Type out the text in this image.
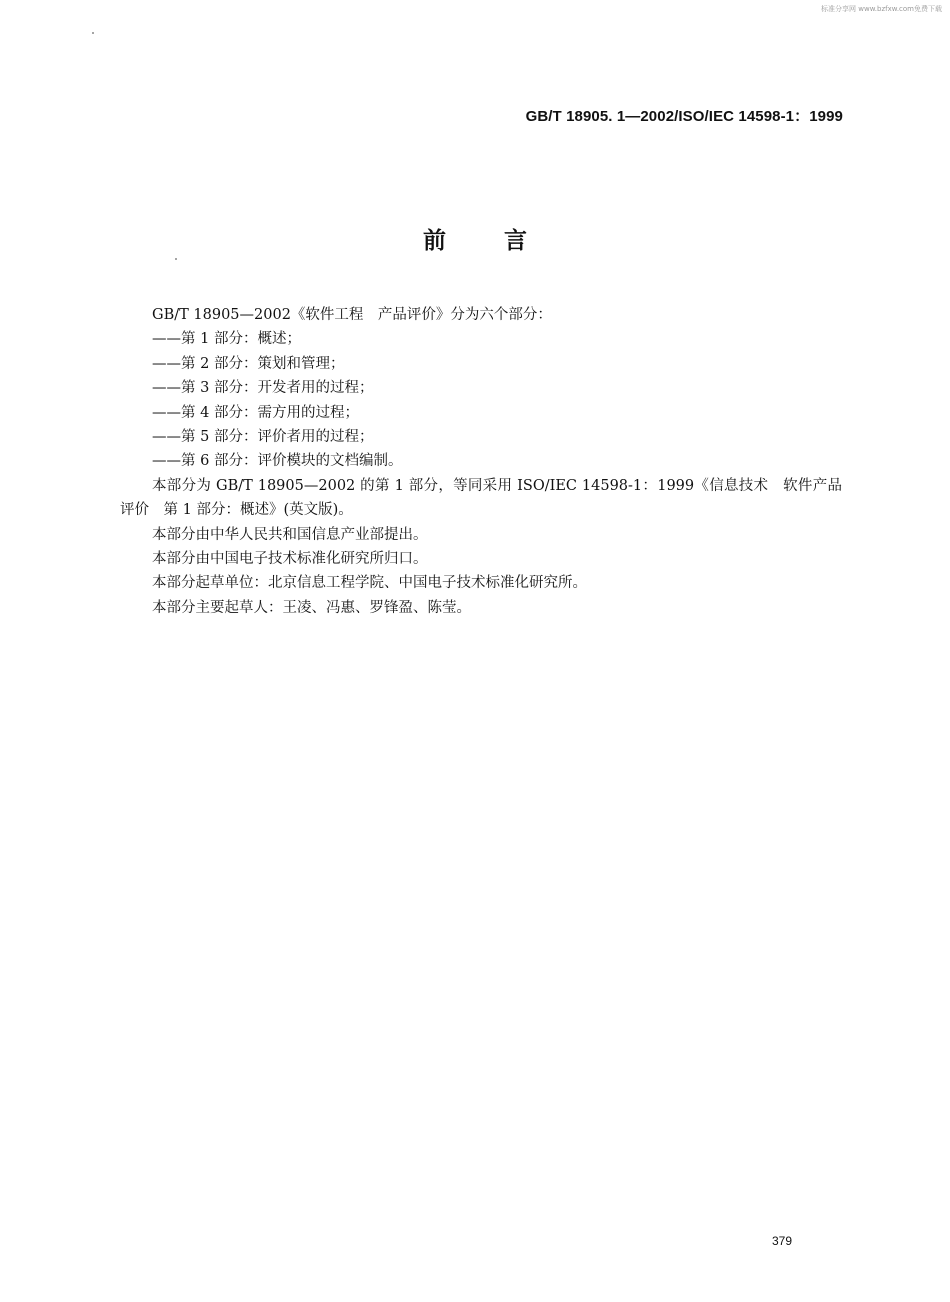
标准分享网 www.bzfxw.com免费下载
GB/T 18905. 1—2002/ISO/IEC 14598-1：1999
前言

GB/T 18905—2002《软件工程　产品评价》分为六个部分：

——第 1 部分：概述；

——第 2 部分：策划和管理；

——第 3 部分：开发者用的过程；

——第 4 部分：需方用的过程；

——第 5 部分：评价者用的过程；

——第 6 部分：评价模块的文档编制。

本部分为 GB/T 18905—2002 的第 1 部分，等同采用 ISO/IEC 14598-1：1999《信息技术　软件产品

评价　第 1 部分：概述》(英文版)。

本部分由中华人民共和国信息产业部提出。

本部分由中国电子技术标准化研究所归口。

本部分起草单位：北京信息工程学院、中国电子技术标准化研究所。

本部分主要起草人：王凌、冯惠、罗锋盈、陈莹。

379
